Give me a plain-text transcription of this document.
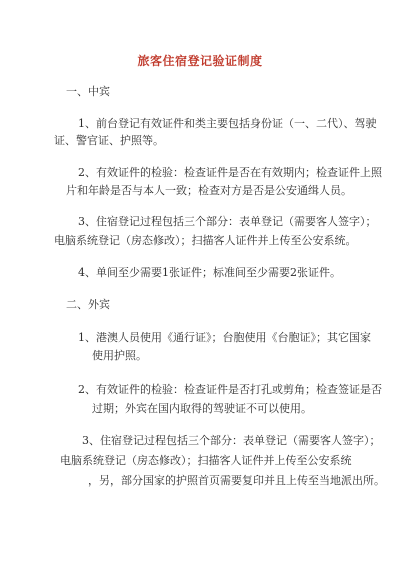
旅客住宿登记验证制度
一、中宾
1、前台登记有效证件和类主要包括身份证（一、二代）、驾驶
证、警官证、护照等。
2、有效证件的检验：检查证件是否在有效期内；检查证件上照
片和年龄是否与本人一致；检查对方是否是公安通缉人员。
3、住宿登记过程包括三个部分：表单登记（需要客人签字）；
电脑系统登记（房态修改）；扫描客人证件并上传至公安系统。
4、单间至少需要1张证件；标准间至少需要2张证件。
二、外宾
1、港澳人员使用《通行证》；台胞使用《台胞证》；其它国家
使用护照。
2、有效证件的检验：检查证件是否打孔或剪角；检查签证是否
过期；外宾在国内取得的驾驶证不可以使用。
3、住宿登记过程包括三个部分：表单登记（需要客人签字）；
电脑系统登记（房态修改）；扫描客人证件并上传至公安系统
，另，部分国家的护照首页需要复印并且上传至当地派出所。
